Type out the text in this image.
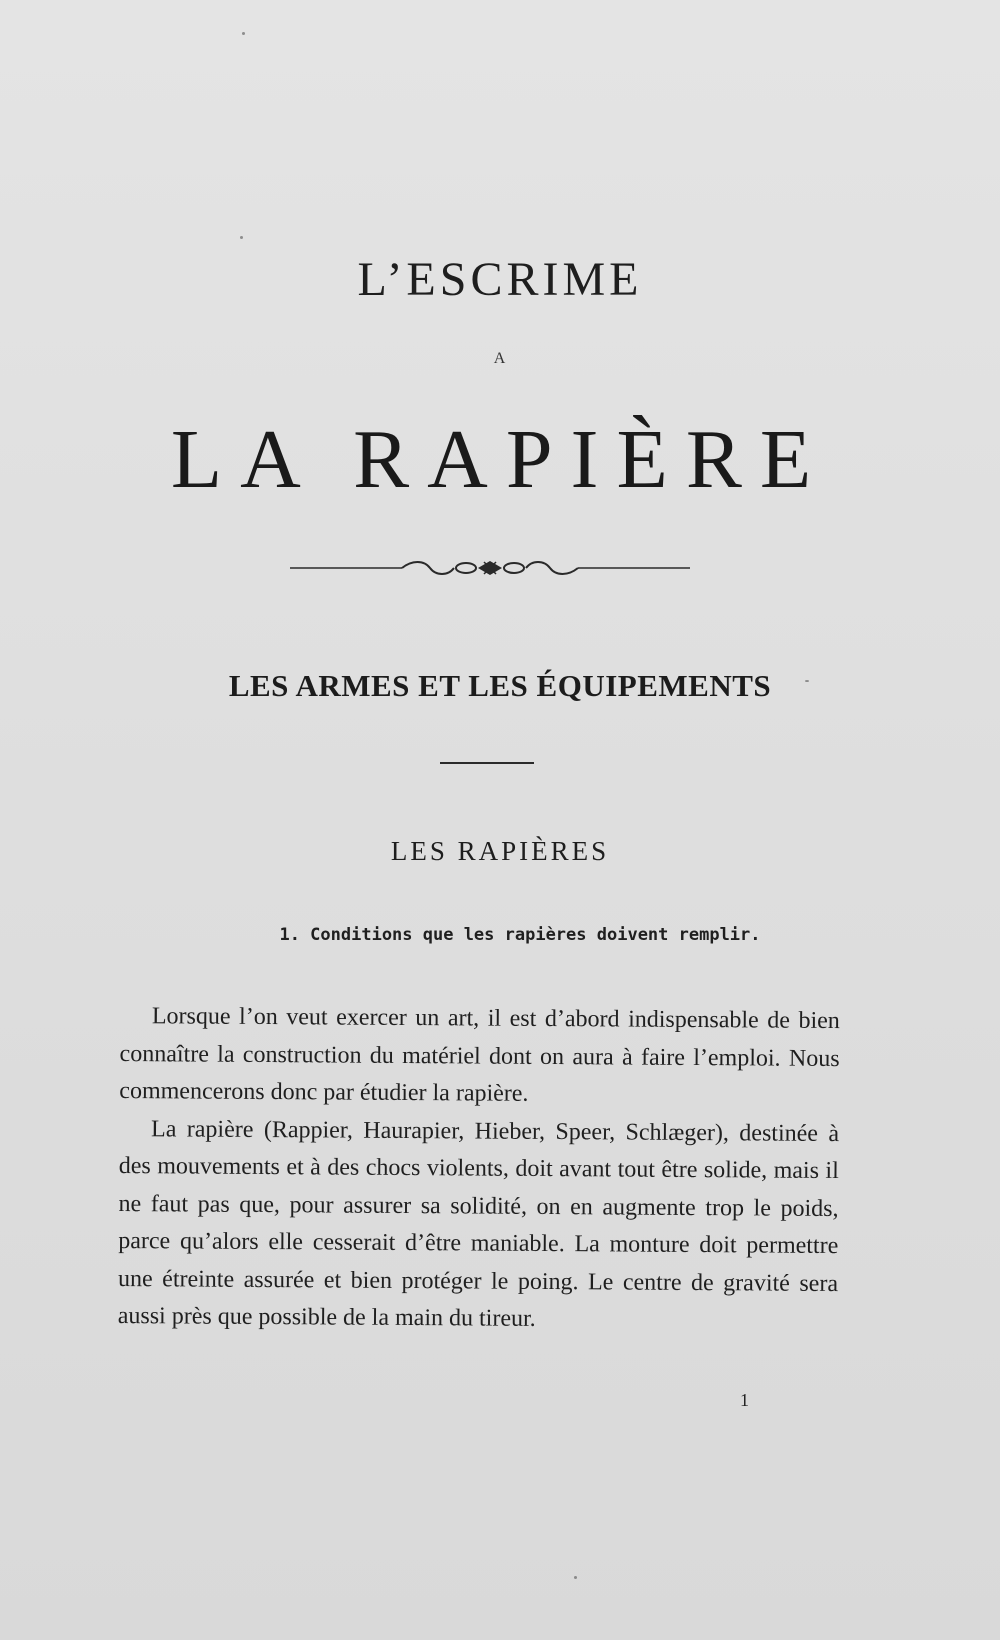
L’ESCRIME
A
LA RAPIÈRE
LES ARMES ET LES ÉQUIPEMENTS
LES RAPIÈRES
1. Conditions que les rapières doivent remplir.

Lorsque l’on veut exercer un art, il est d’abord indispensable de bien connaître la construction du matériel dont on aura à faire l’emploi. Nous commencerons donc par étudier la rapière.

La rapière (Rappier, Haurapier, Hieber, Speer, Schlæger), destinée à des mouvements et à des chocs violents, doit avant tout être solide, mais il ne faut pas que, pour assurer sa solidité, on en augmente trop le poids, parce qu’alors elle cesserait d’être maniable. La monture doit permettre une étreinte assurée et bien protéger le poing. Le centre de gravité sera aussi près que possible de la main du tireur.

1
